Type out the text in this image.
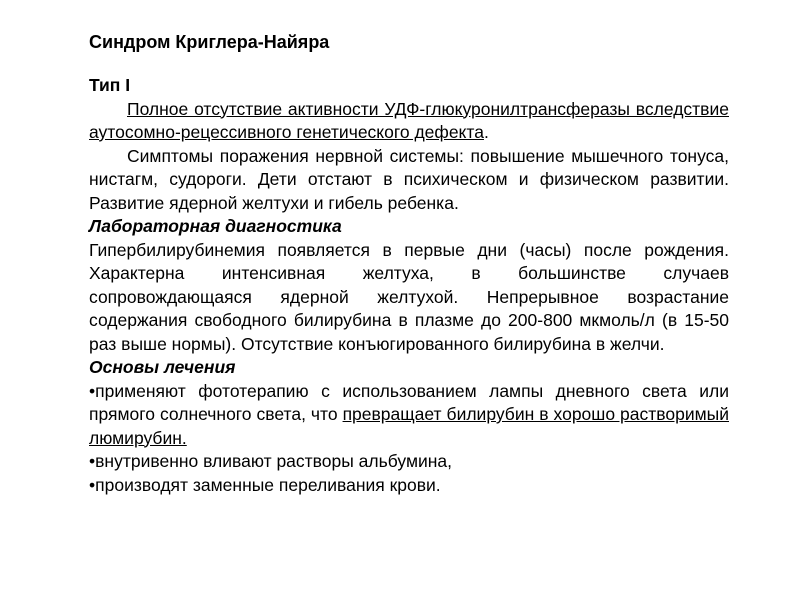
Синдром Криглера-Найяра
Тип I

Полное отсутствие активности УДФ-глюкуронилтрансферазы вследствие аутосомно-рецессивного генетического дефекта.

Симптомы поражения нервной системы: повышение мышечного тонуса, нистагм, судороги. Дети отстают в психическом и физическом развитии. Развитие ядерной желтухи и гибель ребенка.

Лабораторная диагностика

Гипербилирубинемия появляется в первые дни (часы) после рождения. Характерна интенсивная желтуха, в большинстве случаев сопровождающаяся ядерной желтухой. Непрерывное возрастание содержания свободного билирубина в плазме до 200-800 мкмоль/л (в 15-50 раз выше нормы). Отсутствие конъюгированного билирубина в желчи.

Основы лечения

•применяют фототерапию с использованием лампы дневного света или прямого солнечного света, что превращает билирубин в хорошо растворимый люмирубин.

•внутривенно вливают растворы альбумина,

•производят заменные переливания крови.
